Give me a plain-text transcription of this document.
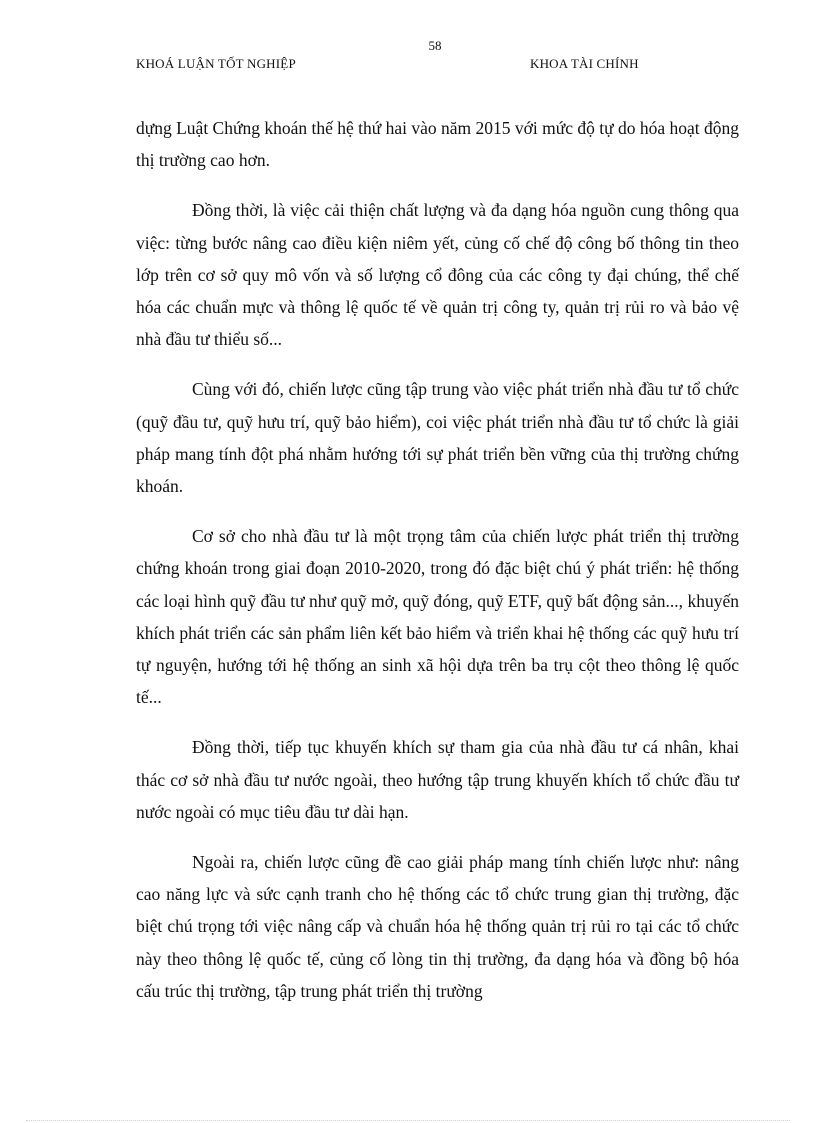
58
KHOÁ LUẬN TỐT NGHIỆP	KHOA TÀI CHÍNH

dựng Luật Chứng khoán thế hệ thứ hai vào năm 2015 với mức độ tự do hóa hoạt động thị trường cao hơn.

Đồng thời, là việc cải thiện chất lượng và đa dạng hóa nguồn cung thông qua việc: từng bước nâng cao điều kiện niêm yết, củng cố chế độ công bố thông tin theo lớp trên cơ sở quy mô vốn và số lượng cổ đông của các công ty đại chúng, thể chế hóa các chuẩn mực và thông lệ quốc tế về quản trị công ty, quản trị rủi ro và bảo vệ nhà đầu tư thiểu số...

Cùng với đó, chiến lược cũng tập trung vào việc phát triển nhà đầu tư tổ chức (quỹ đầu tư, quỹ hưu trí, quỹ bảo hiểm), coi việc phát triển nhà đầu tư tổ chức là giải pháp mang tính đột phá nhằm hướng tới sự phát triển bền vững của thị trường chứng khoán.

Cơ sở cho nhà đầu tư là một trọng tâm của chiến lược phát triển thị trường chứng khoán trong giai đoạn 2010-2020, trong đó đặc biệt chú ý phát triển: hệ thống các loại hình quỹ đầu tư như quỹ mở, quỹ đóng, quỹ ETF, quỹ bất động sản..., khuyến khích phát triển các sản phẩm liên kết bảo hiểm và triển khai hệ thống các quỹ hưu trí tự nguyện, hướng tới hệ thống an sinh xã hội dựa trên ba trụ cột theo thông lệ quốc tế...

Đồng thời, tiếp tục khuyến khích sự tham gia của nhà đầu tư cá nhân, khai thác cơ sở nhà đầu tư nước ngoài, theo hướng tập trung khuyến khích tổ chức đầu tư nước ngoài có mục tiêu đầu tư dài hạn.

Ngoài ra, chiến lược cũng đề cao giải pháp mang tính chiến lược như: nâng cao năng lực và sức cạnh tranh cho hệ thống các tổ chức trung gian thị trường, đặc biệt chú trọng tới việc nâng cấp và chuẩn hóa hệ thống quản trị rủi ro tại các tổ chức này theo thông lệ quốc tế, củng cố lòng tin thị trường, đa dạng hóa và đồng bộ hóa cấu trúc thị trường, tập trung phát triển thị trường
